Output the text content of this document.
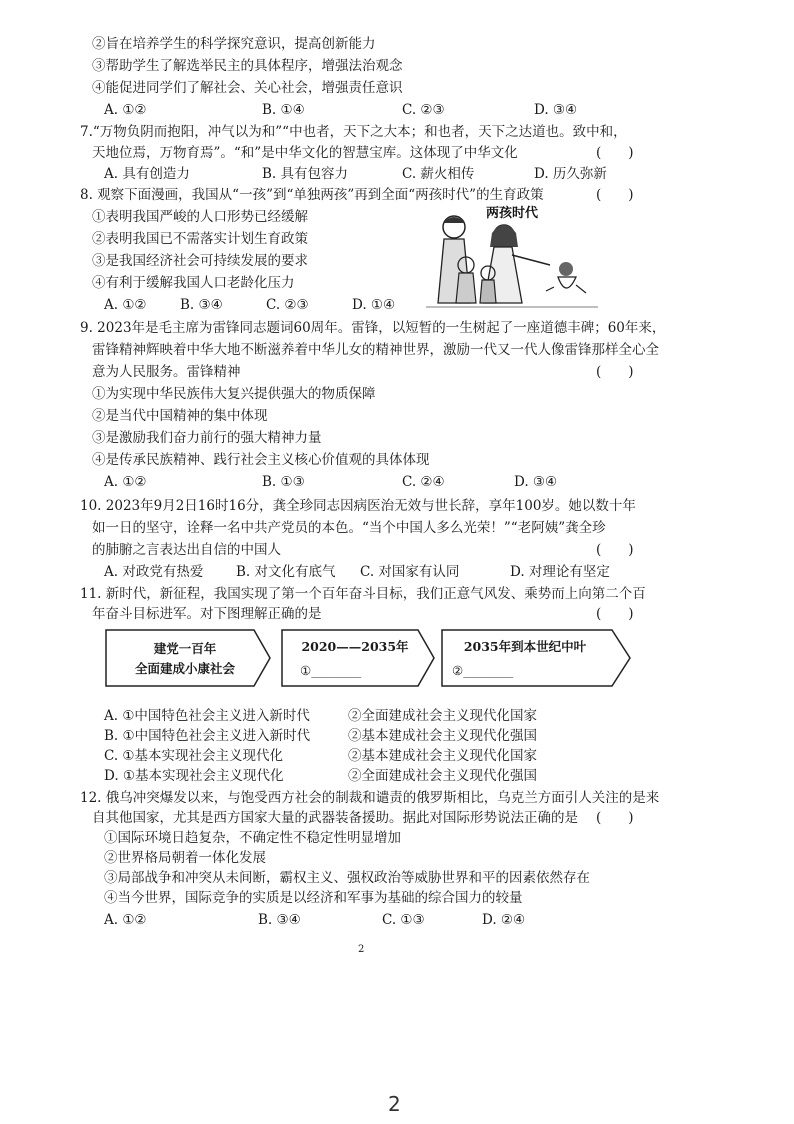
②旨在培养学生的科学探究意识，提高创新能力
③帮助学生了解选举民主的具体程序，增强法治观念
④能促进同学们了解社会、关心社会，增强责任意识
A. ①②	B. ①④	C. ②③	D. ③④
7.“万物负阴而抱阳，冲气以为和”“中也者，天下之大本；和也者，天下之达道也。致中和，
天地位焉，万物育焉”。“和”是中华文化的智慧宝库。这体现了中华文化	(　　)
A. 具有创造力	B. 具有包容力	C. 薪火相传	D. 历久弥新
8. 观察下面漫画，我国从“一孩”到“单独两孩”再到全面“两孩时代”的生育政策	(　　)
①表明我国严峻的人口形势已经缓解
②表明我国已不需落实计划生育政策
③是我国经济社会可持续发展的要求
④有利于缓解我国人口老龄化压力
A. ①② B. ③④	C. ②③	D. ①④
两孩时代
9. 2023年是毛主席为雷锋同志题词60周年。雷锋，以短暂的一生树起了一座道德丰碑；60年来，
雷锋精神辉映着中华大地不断滋养着中华儿女的精神世界，激励一代又一代人像雷锋那样全心全
意为人民服务。雷锋精神	(　　)
①为实现中华民族伟大复兴提供强大的物质保障
②是当代中国精神的集中体现
③是激励我们奋力前行的强大精神力量
④是传承民族精神、践行社会主义核心价值观的具体体现
A. ①②	B. ①③	C. ②④	D. ③④
10. 2023年9月2日16时16分，龚全珍同志因病医治无效与世长辞，享年100岁。她以数十年
如一日的坚守，诠释一名中共产党员的本色。“当个中国人多么光荣！”“老阿姨”龚全珍
的肺腑之言表达出自信的中国人	(　　)
A. 对政党有热爱 B. 对文化有底气 C. 对国家有认同	D. 对理论有坚定
11. 新时代，新征程，我国实现了第一个百年奋斗目标，我们正意气风发、乘势而上向第二个百
年奋斗目标进军。对下图理解正确的是	(　　)
建党一百年
全面建成小康社会
2020——2035年
①________
2035年到本世纪中叶
②________
A. ①中国特色社会主义进入新时代	②全面建成社会主义现代化国家
B. ①中国特色社会主义进入新时代	②基本建成社会主义现代化强国
C. ①基本实现社会主义现代化	②基本建成社会主义现代化国家
D. ①基本实现社会主义现代化	②全面建成社会主义现代化强国
12. 俄乌冲突爆发以来，与饱受西方社会的制裁和谴责的俄罗斯相比，乌克兰方面引人关注的是来
自其他国家，尤其是西方国家大量的武器装备援助。据此对国际形势说法正确的是 (　　)
①国际环境日趋复杂，不确定性不稳定性明显增加
②世界格局朝着一体化发展
③局部战争和冲突从未间断，霸权主义、强权政治等威胁世界和平的因素依然存在
④当今世界，国际竞争的实质是以经济和军事为基础的综合国力的较量
A. ①②	B. ③④	C. ①③	D. ②④
2
2
